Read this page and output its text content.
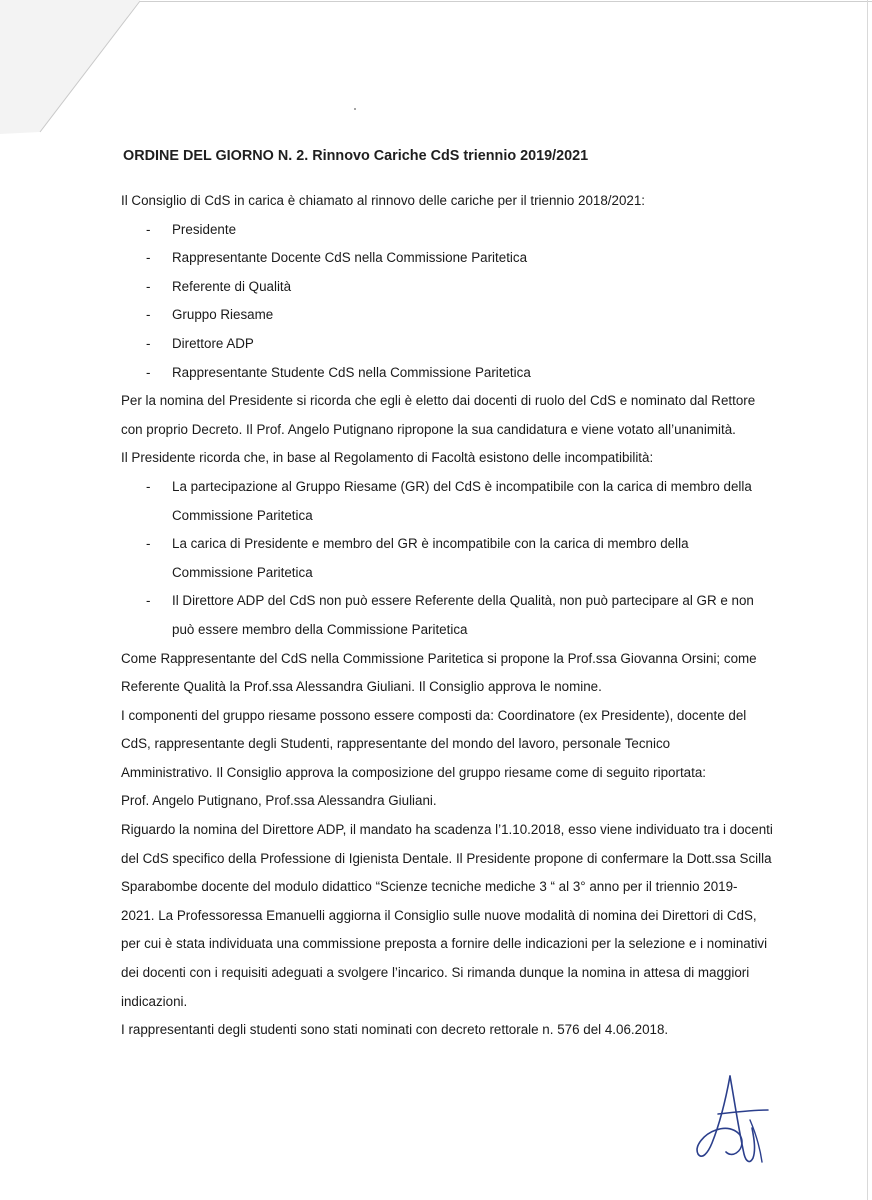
ORDINE DEL GIORNO N. 2. Rinnovo Cariche CdS triennio 2019/2021

Il Consiglio di CdS in carica è chiamato al rinnovo delle cariche per il triennio 2018/2021:

- Presidente
- Rappresentante Docente CdS nella Commissione Paritetica
- Referente di Qualità
- Gruppo Riesame
- Direttore ADP
- Rappresentante Studente CdS nella Commissione Paritetica

Per la nomina del Presidente si ricorda che egli è eletto dai docenti di ruolo del CdS e nominato dal Rettore

con proprio Decreto. Il Prof. Angelo Putignano ripropone la sua candidatura e viene votato all’unanimità.

Il Presidente ricorda che, in base al Regolamento di Facoltà esistono delle incompatibilità:

- La partecipazione al Gruppo Riesame (GR) del CdS è incompatibile con la carica di membro della
Commissione Paritetica
- La carica di Presidente e membro del GR è incompatibile con la carica di membro della
Commissione Paritetica
- Il Direttore ADP del CdS non può essere Referente della Qualità, non può partecipare al GR e non
può essere membro della Commissione Paritetica

Come Rappresentante del CdS nella Commissione Paritetica si propone la Prof.ssa Giovanna Orsini; come

Referente Qualità la Prof.ssa Alessandra Giuliani. Il Consiglio approva le nomine.

I componenti del gruppo riesame possono essere composti da: Coordinatore (ex Presidente), docente del

CdS, rappresentante degli Studenti, rappresentante del mondo del lavoro, personale Tecnico

Amministrativo. Il Consiglio approva la composizione del gruppo riesame come di seguito riportata:

Prof. Angelo Putignano, Prof.ssa Alessandra Giuliani.

Riguardo la nomina del Direttore ADP, il mandato ha scadenza l’1.10.2018, esso viene individuato tra i docenti

del CdS specifico della Professione di Igienista Dentale. Il Presidente propone di confermare la Dott.ssa Scilla

Sparabombe docente del modulo didattico “Scienze tecniche mediche 3 “ al 3° anno per il triennio 2019-

2021. La Professoressa Emanuelli aggiorna il Consiglio sulle nuove modalità di nomina dei Direttori di CdS,

per cui è stata individuata una commissione preposta a fornire delle indicazioni per la selezione e i nominativi

dei docenti con i requisiti adeguati a svolgere l’incarico. Si rimanda dunque la nomina in attesa di maggiori

indicazioni.

I rappresentanti degli studenti sono stati nominati con decreto rettorale n. 576 del 4.06.2018.
